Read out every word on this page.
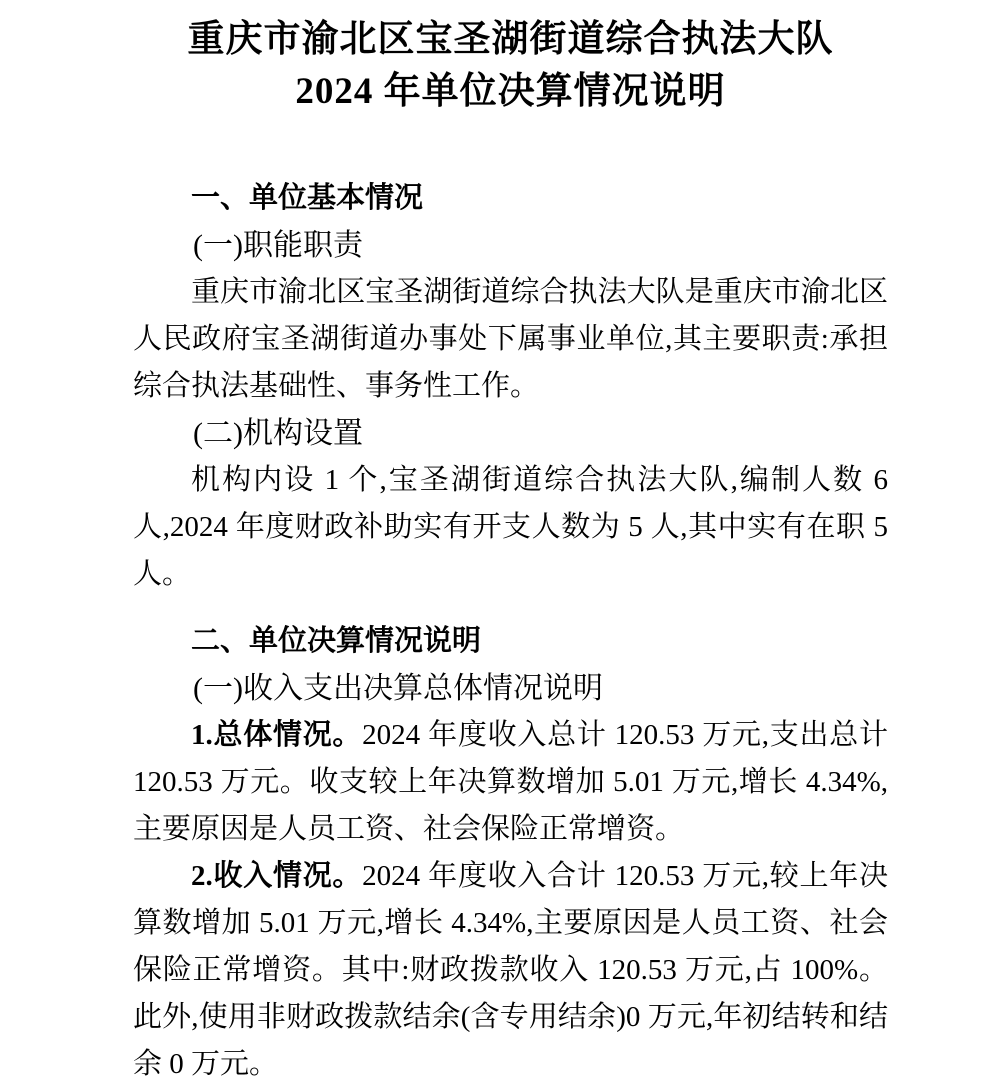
重庆市渝北区宝圣湖街道综合执法大队
2024 年单位决算情况说明

一、单位基本情况

(一)职能职责

重庆市渝北区宝圣湖街道综合执法大队是重庆市渝北区人民政府宝圣湖街道办事处下属事业单位,其主要职责:承担综合执法基础性、事务性工作。

(二)机构设置

机构内设 1 个,宝圣湖街道综合执法大队,编制人数 6 人,2024 年度财政补助实有开支人数为 5 人,其中实有在职 5 人。

二、单位决算情况说明

(一)收入支出决算总体情况说明

1.总体情况。2024 年度收入总计 120.53 万元,支出总计 120.53 万元。收支较上年决算数增加 5.01 万元,增长 4.34%,主要原因是人员工资、社会保险正常增资。

2.收入情况。2024 年度收入合计 120.53 万元,较上年决算数增加 5.01 万元,增长 4.34%,主要原因是人员工资、社会保险正常增资。其中:财政拨款收入 120.53 万元,占 100%。此外,使用非财政拨款结余(含专用结余)0 万元,年初结转和结余 0 万元。
